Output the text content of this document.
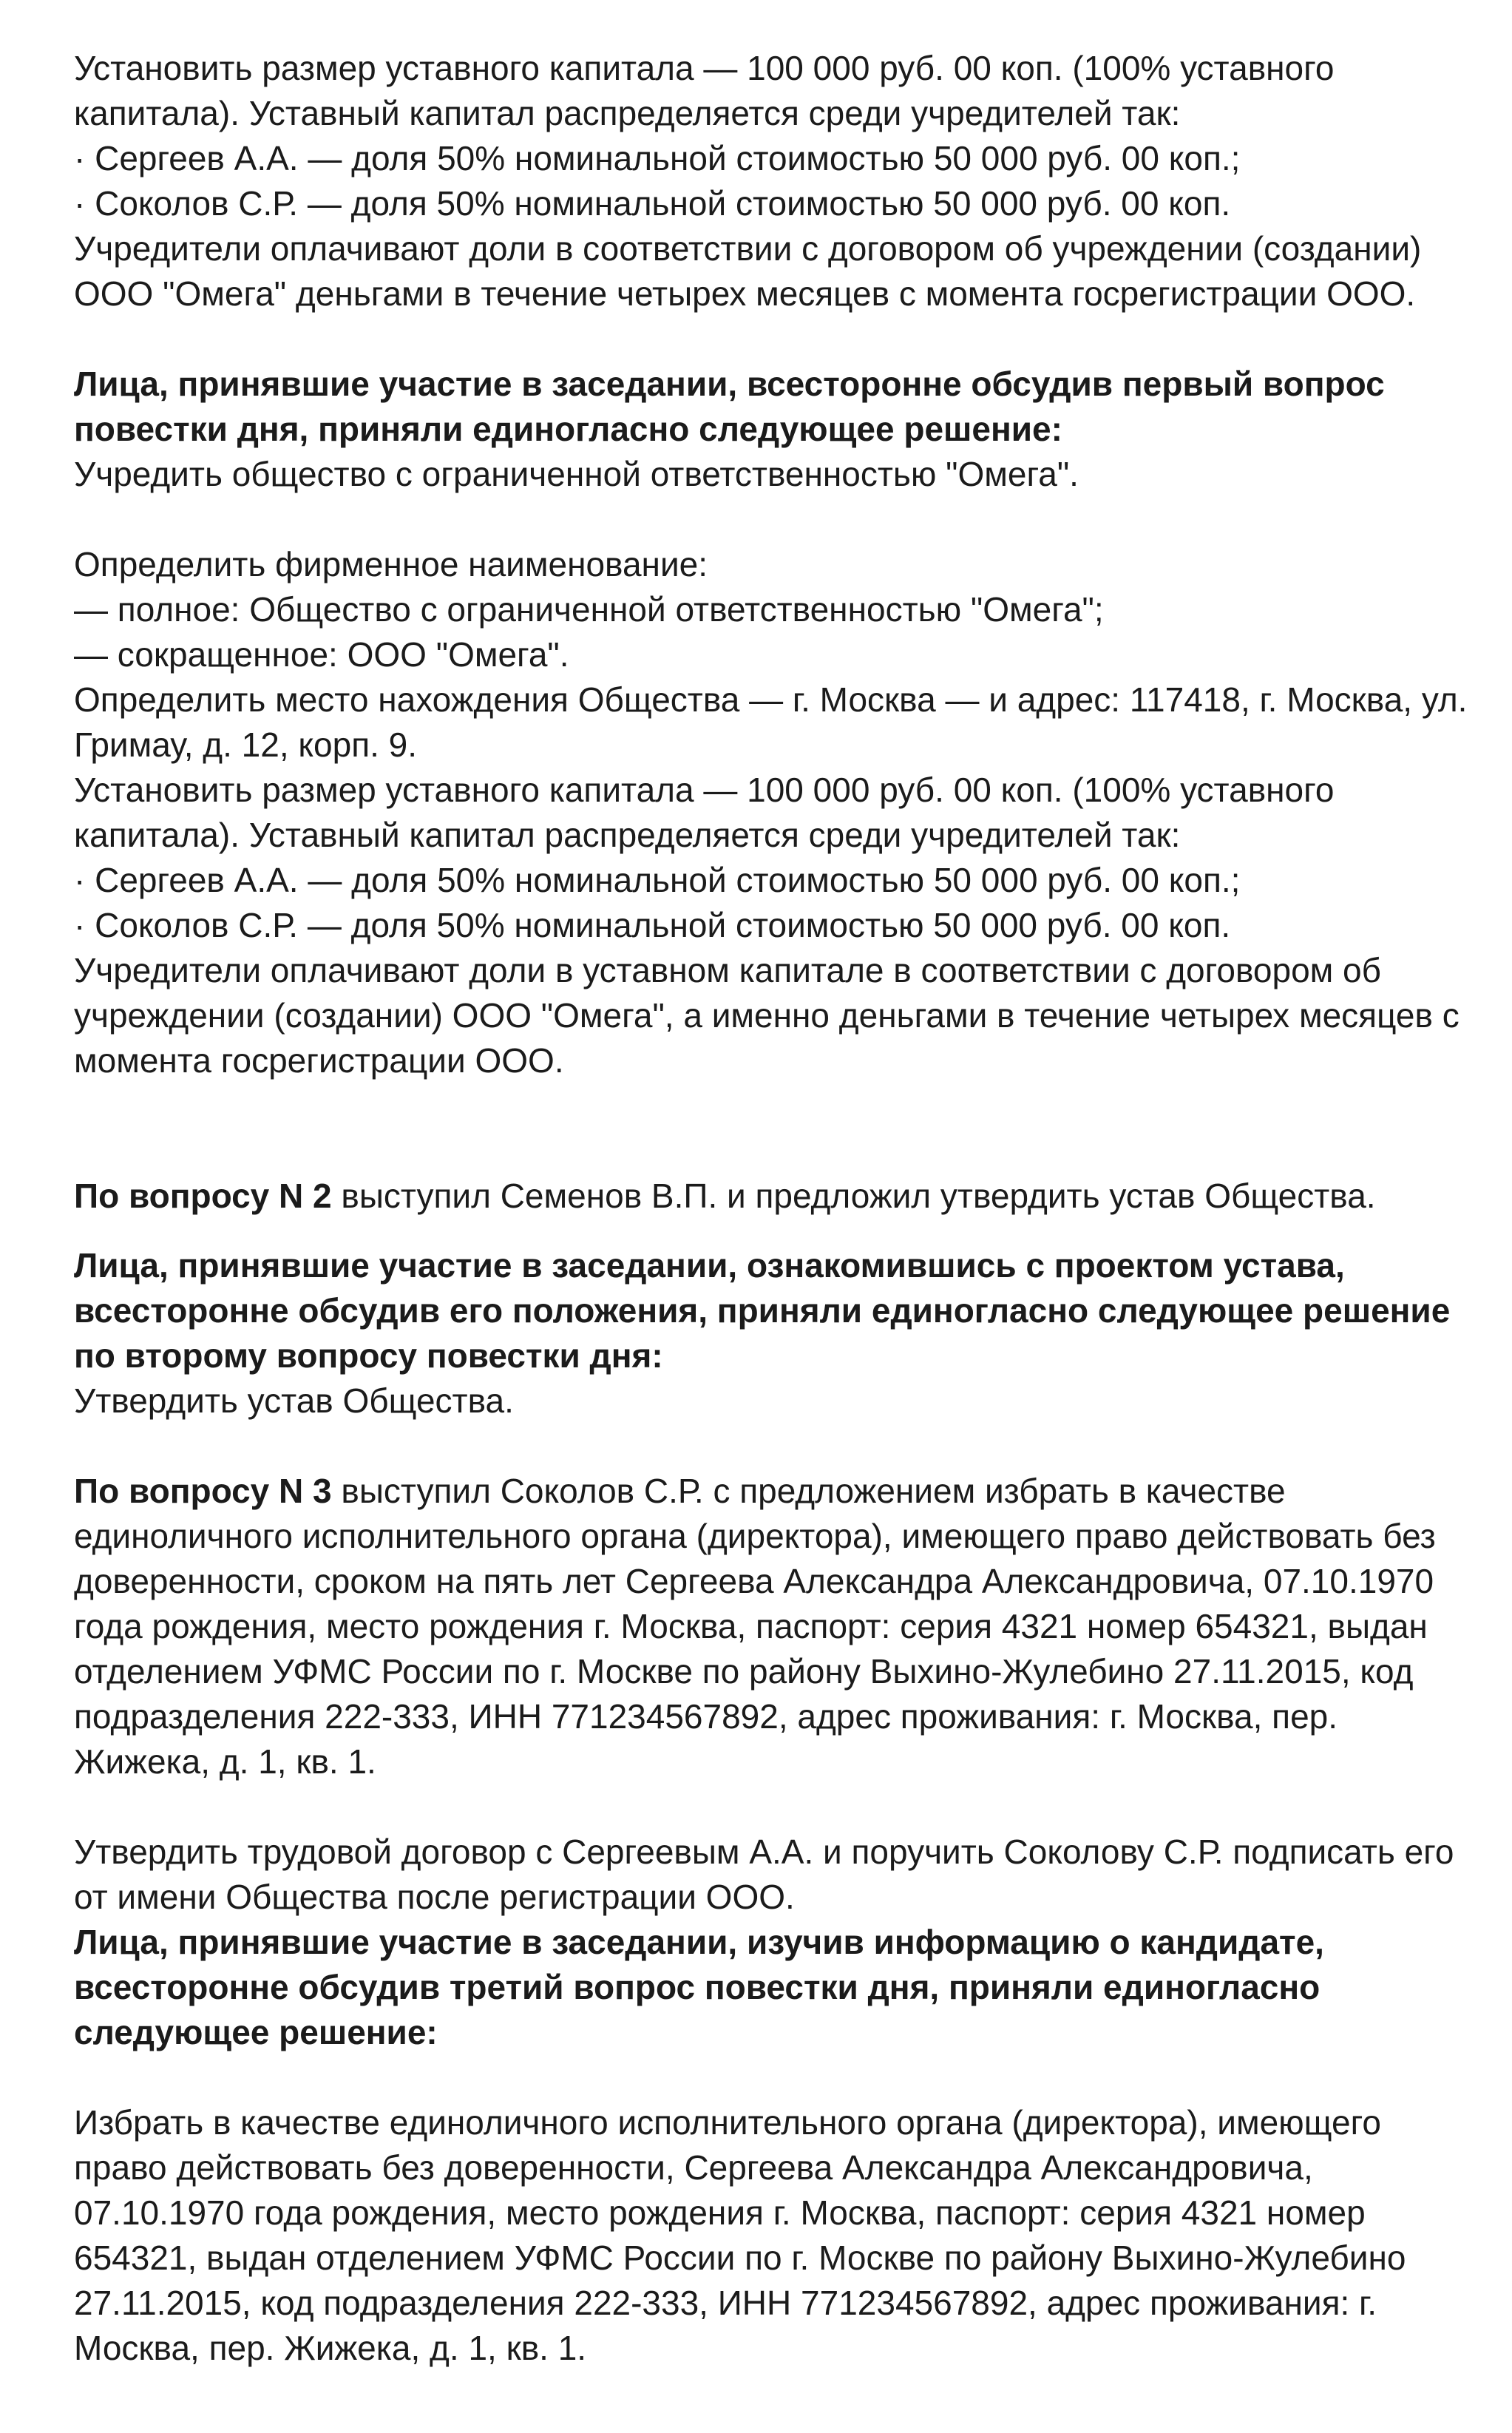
Установить размер уставного капитала — 100 000 руб. 00 коп. (100% уставного
капитала). Уставный капитал распределяется среди учредителей так:
· Сергеев А.А. — доля 50% номинальной стоимостью 50 000 руб. 00 коп.;
· Соколов С.Р. — доля 50% номинальной стоимостью 50 000 руб. 00 коп.
Учредители оплачивают доли в соответствии с договором об учреждении (создании)
ООО "Омега" деньгами в течение четырех месяцев с момента госрегистрации ООО.
Лица, принявшие участие в заседании, всесторонне обсудив первый вопрос
повестки дня, приняли единогласно следующее решение:
Учредить общество с ограниченной ответственностью "Омега".
Определить фирменное наименование:
— полное: Общество с ограниченной ответственностью "Омега";
— сокращенное: ООО "Омега".
Определить место нахождения Общества — г. Москва — и адрес: 117418, г. Москва, ул.
Гримау, д. 12, корп. 9.
Установить размер уставного капитала — 100 000 руб. 00 коп. (100% уставного
капитала). Уставный капитал распределяется среди учредителей так:
· Сергеев А.А. — доля 50% номинальной стоимостью 50 000 руб. 00 коп.;
· Соколов С.Р. — доля 50% номинальной стоимостью 50 000 руб. 00 коп.
Учредители оплачивают доли в уставном капитале в соответствии с договором об
учреждении (создании) ООО "Омега", а именно деньгами в течение четырех месяцев с
момента госрегистрации ООО.
По вопросу N 2 выступил Семенов В.П. и предложил утвердить устав Общества.
Лица, принявшие участие в заседании, ознакомившись с проектом устава,
всесторонне обсудив его положения, приняли единогласно следующее решение
по второму вопросу повестки дня:
Утвердить устав Общества.
По вопросу N 3 выступил Соколов С.Р. с предложением избрать в качестве
единоличного исполнительного органа (директора), имеющего право действовать без
доверенности, сроком на пять лет Сергеева Александра Александровича, 07.10.1970
года рождения, место рождения г. Москва, паспорт: серия 4321 номер 654321, выдан
отделением УФМС России по г. Москве по району Выхино-Жулебино 27.11.2015, код
подразделения 222-333, ИНН 771234567892, адрес проживания: г. Москва, пер.
Жижека, д. 1, кв. 1.
Утвердить трудовой договор с Сергеевым А.А. и поручить Соколову С.Р. подписать его
от имени Общества после регистрации ООО.
Лица, принявшие участие в заседании, изучив информацию о кандидате,
всесторонне обсудив третий вопрос повестки дня, приняли единогласно
следующее решение:
Избрать в качестве единоличного исполнительного органа (директора), имеющего
право действовать без доверенности, Сергеева Александра Александровича,
07.10.1970 года рождения, место рождения г. Москва, паспорт: серия 4321 номер
654321, выдан отделением УФМС России по г. Москве по району Выхино-Жулебино
27.11.2015, код подразделения 222-333, ИНН 771234567892, адрес проживания: г.
Москва, пер. Жижека, д. 1, кв. 1.
